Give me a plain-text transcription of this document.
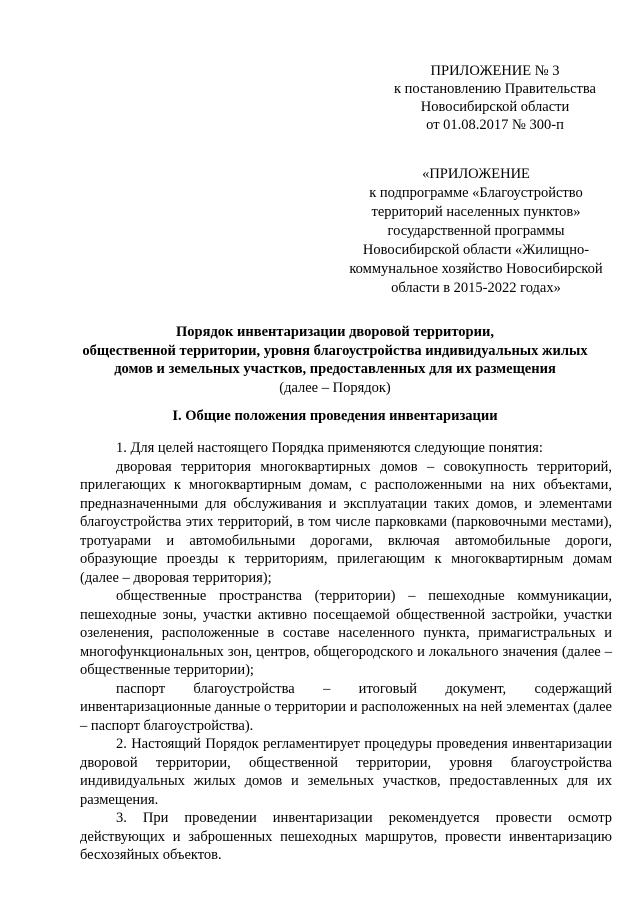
ПРИЛОЖЕНИЕ № 3
к постановлению Правительства
Новосибирской области
от 01.08.2017 № 300-п
«ПРИЛОЖЕНИЕ
к подпрограмме «Благоустройство
территорий населенных пунктов»
государственной программы
Новосибирской области «Жилищно-
коммунальное хозяйство Новосибирской
области в 2015-2022 годах»
Порядок инвентаризации дворовой территории,
общественной территории, уровня благоустройства индивидуальных жилых
домов и земельных участков, предоставленных для их размещения
(далее – Порядок)
I. Общие положения проведения инвентаризации

1. Для целей настоящего Порядка применяются следующие понятия:

дворовая территория многоквартирных домов – совокупность территорий, прилегающих к многоквартирным домам, с расположенными на них объектами, предназначенными для обслуживания и эксплуатации таких домов, и элементами благоустройства этих территорий, в том числе парковками (парковочными местами), тротуарами и автомобильными дорогами, включая автомобильные дороги, образующие проезды к территориям, прилегающим к многоквартирным домам (далее – дворовая территория);

общественные пространства (территории) – пешеходные коммуникации, пешеходные зоны, участки активно посещаемой общественной застройки, участки озеленения, расположенные в составе населенного пункта, примагистральных и многофункциональных зон, центров, общегородского и локального значения (далее – общественные территории);

паспорт благоустройства – итоговый документ, содержащий инвентаризационные данные о территории и расположенных на ней элементах (далее – паспорт благоустройства).

2. Настоящий Порядок регламентирует процедуры проведения инвентаризации дворовой территории, общественной территории, уровня благоустройства индивидуальных жилых домов и земельных участков, предоставленных для их размещения.

3. При проведении инвентаризации рекомендуется провести осмотр действующих и заброшенных пешеходных маршрутов, провести инвентаризацию бесхозяйных объектов.
